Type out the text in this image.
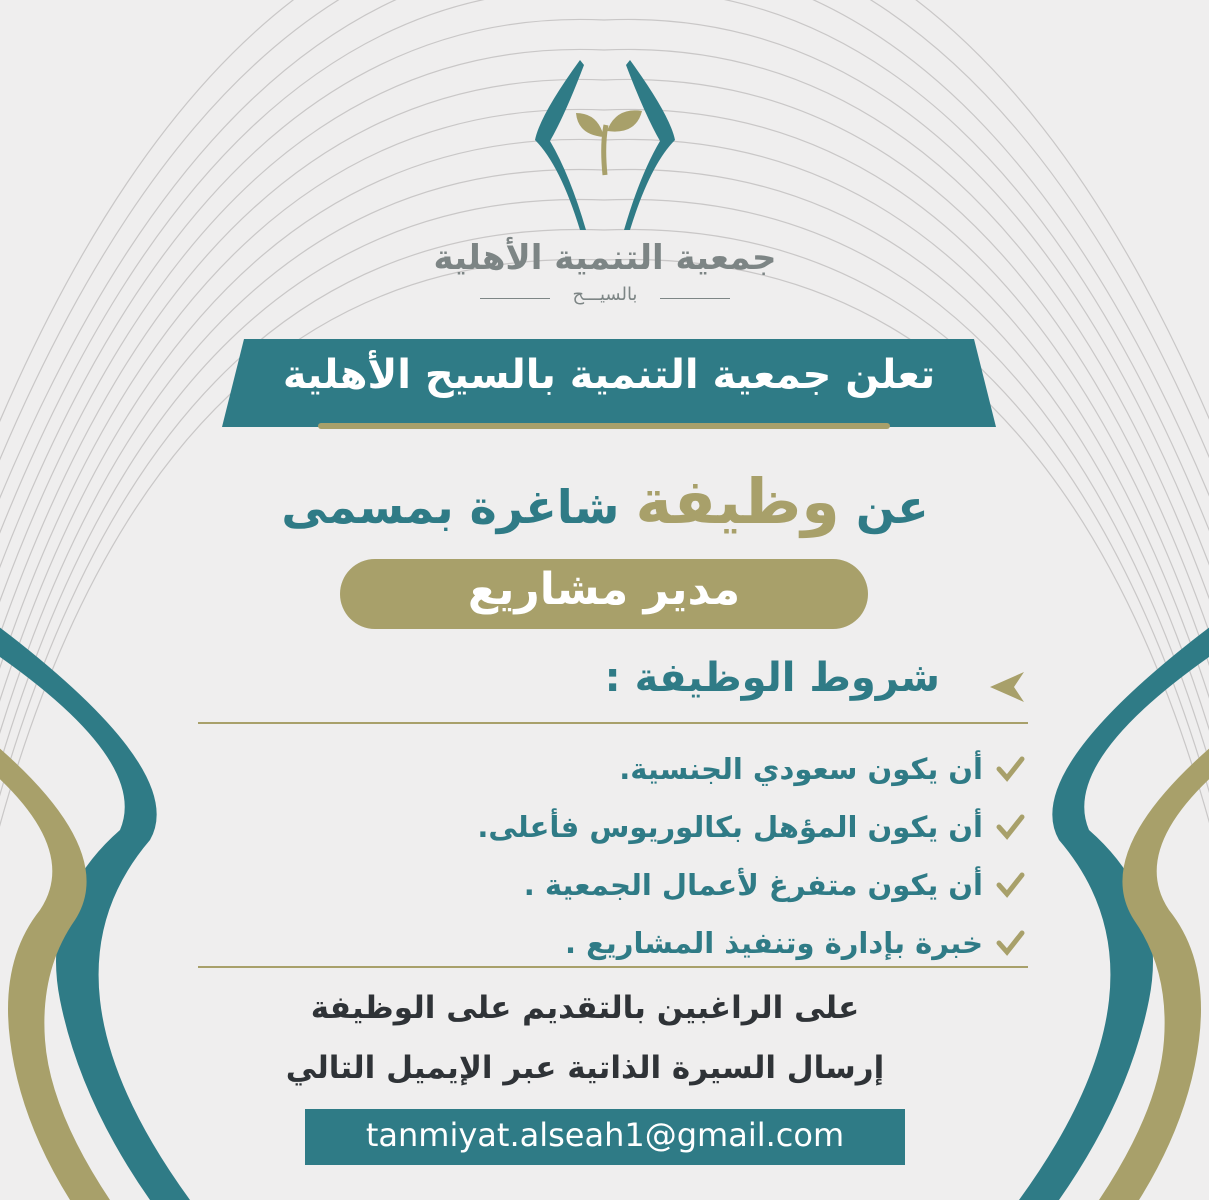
جمعية التنمية الأهلية
بالسيـــح
تعلن جمعية التنمية بالسيح الأهلية
عن وظيفة شاغرة بمسمى
مدير مشاريع
شروط الوظيفة :
أن يكون سعودي الجنسية.
أن يكون المؤهل بكالوريوس فأعلى.
أن يكون متفرغ لأعمال الجمعية .
خبرة بإدارة وتنفيذ المشاريع .
على الراغبين بالتقديم على الوظيفة
إرسال السيرة الذاتية عبر الإيميل التالي
tanmiyat.alseah1@gmail.com
